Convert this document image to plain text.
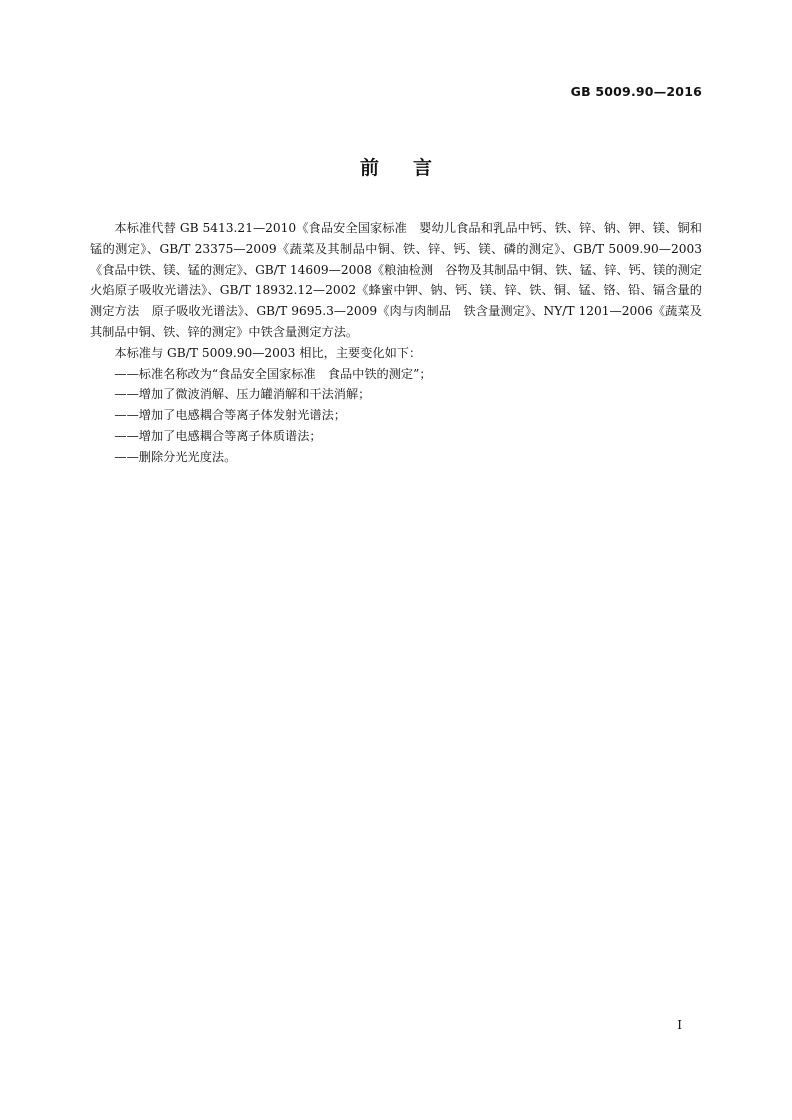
GB 5009.90—2016
前言

本标准代替 GB 5413.21—2010《食品安全国家标准　婴幼儿食品和乳品中钙、铁、锌、钠、钾、镁、铜和锰的测定》、GB/T 23375—2009《蔬菜及其制品中铜、铁、锌、钙、镁、磷的测定》、GB/T 5009.90—2003《食品中铁、镁、锰的测定》、GB/T 14609—2008《粮油检测　谷物及其制品中铜、铁、锰、锌、钙、镁的测定　火焰原子吸收光谱法》、GB/T 18932.12—2002《蜂蜜中钾、钠、钙、镁、锌、铁、铜、锰、铬、铅、镉含量的测定方法　原子吸收光谱法》、GB/T 9695.3—2009《肉与肉制品　铁含量测定》、NY/T 1201—2006《蔬菜及其制品中铜、铁、锌的测定》中铁含量测定方法。

本标准与 GB/T 5009.90—2003 相比，主要变化如下：

——标准名称改为“食品安全国家标准　食品中铁的测定”；
——增加了微波消解、压力罐消解和干法消解；
——增加了电感耦合等离子体发射光谱法；
——增加了电感耦合等离子体质谱法；
——删除分光光度法。
I
